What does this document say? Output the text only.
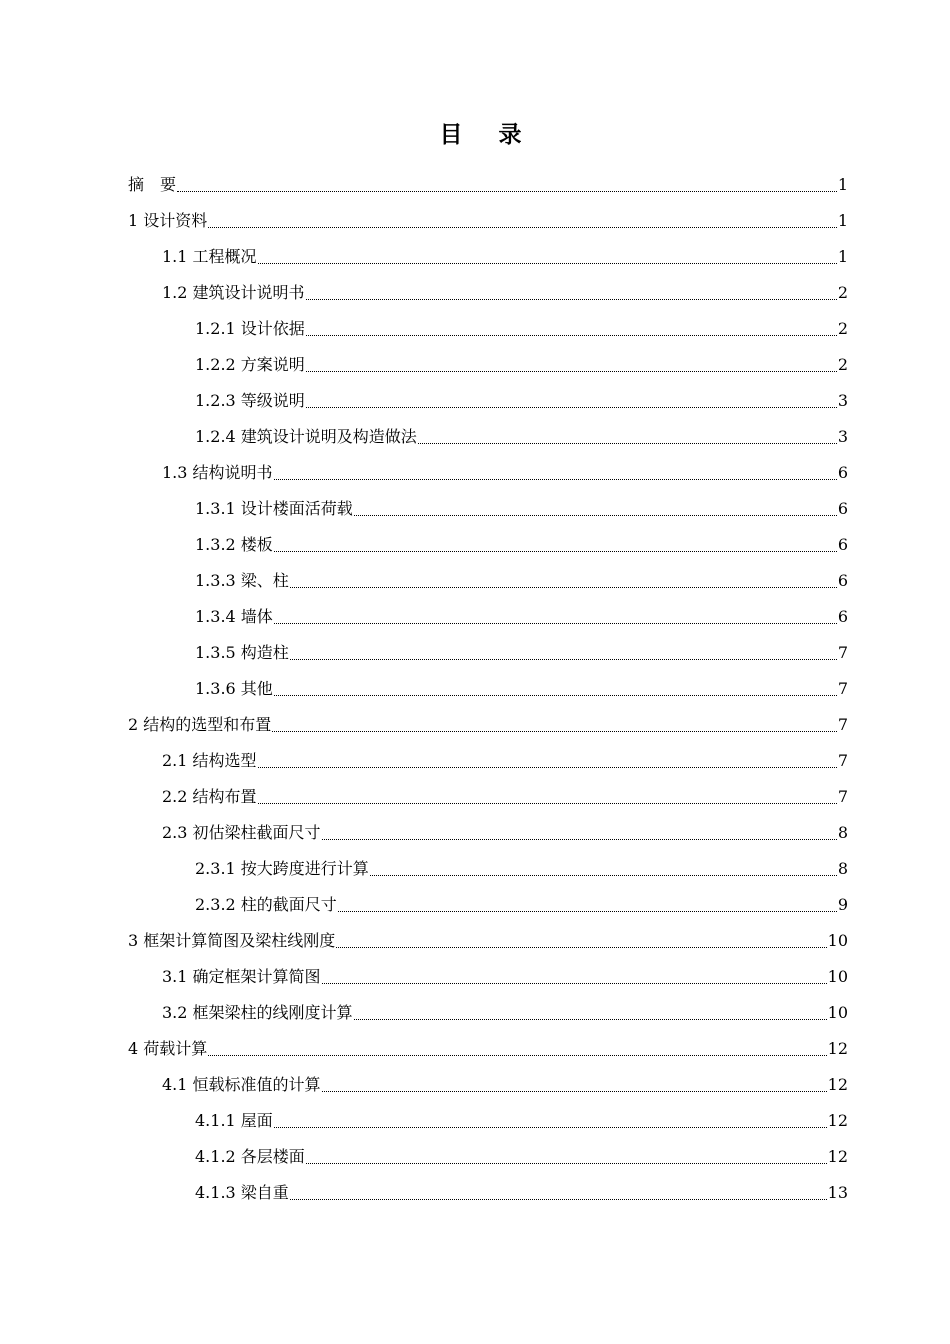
目 录
摘　要	1
1 设计资料	1
1.1 工程概况	1
1.2 建筑设计说明书	2
1.2.1 设计依据	2
1.2.2 方案说明	2
1.2.3 等级说明	3
1.2.4 建筑设计说明及构造做法	3
1.3 结构说明书	6
1.3.1 设计楼面活荷载	6
1.3.2 楼板	6
1.3.3 梁、柱	6
1.3.4 墙体	6
1.3.5 构造柱	7
1.3.6 其他	7
2 结构的选型和布置	7
2.1 结构选型	7
2.2 结构布置	7
2.3 初估梁柱截面尺寸	8
2.3.1 按大跨度进行计算	8
2.3.2 柱的截面尺寸	9
3 框架计算简图及梁柱线刚度	10
3.1 确定框架计算简图	10
3.2 框架梁柱的线刚度计算	10
4 荷载计算	12
4.1 恒载标准值的计算	12
4.1.1 屋面	12
4.1.2 各层楼面	12
4.1.3 梁自重	13
